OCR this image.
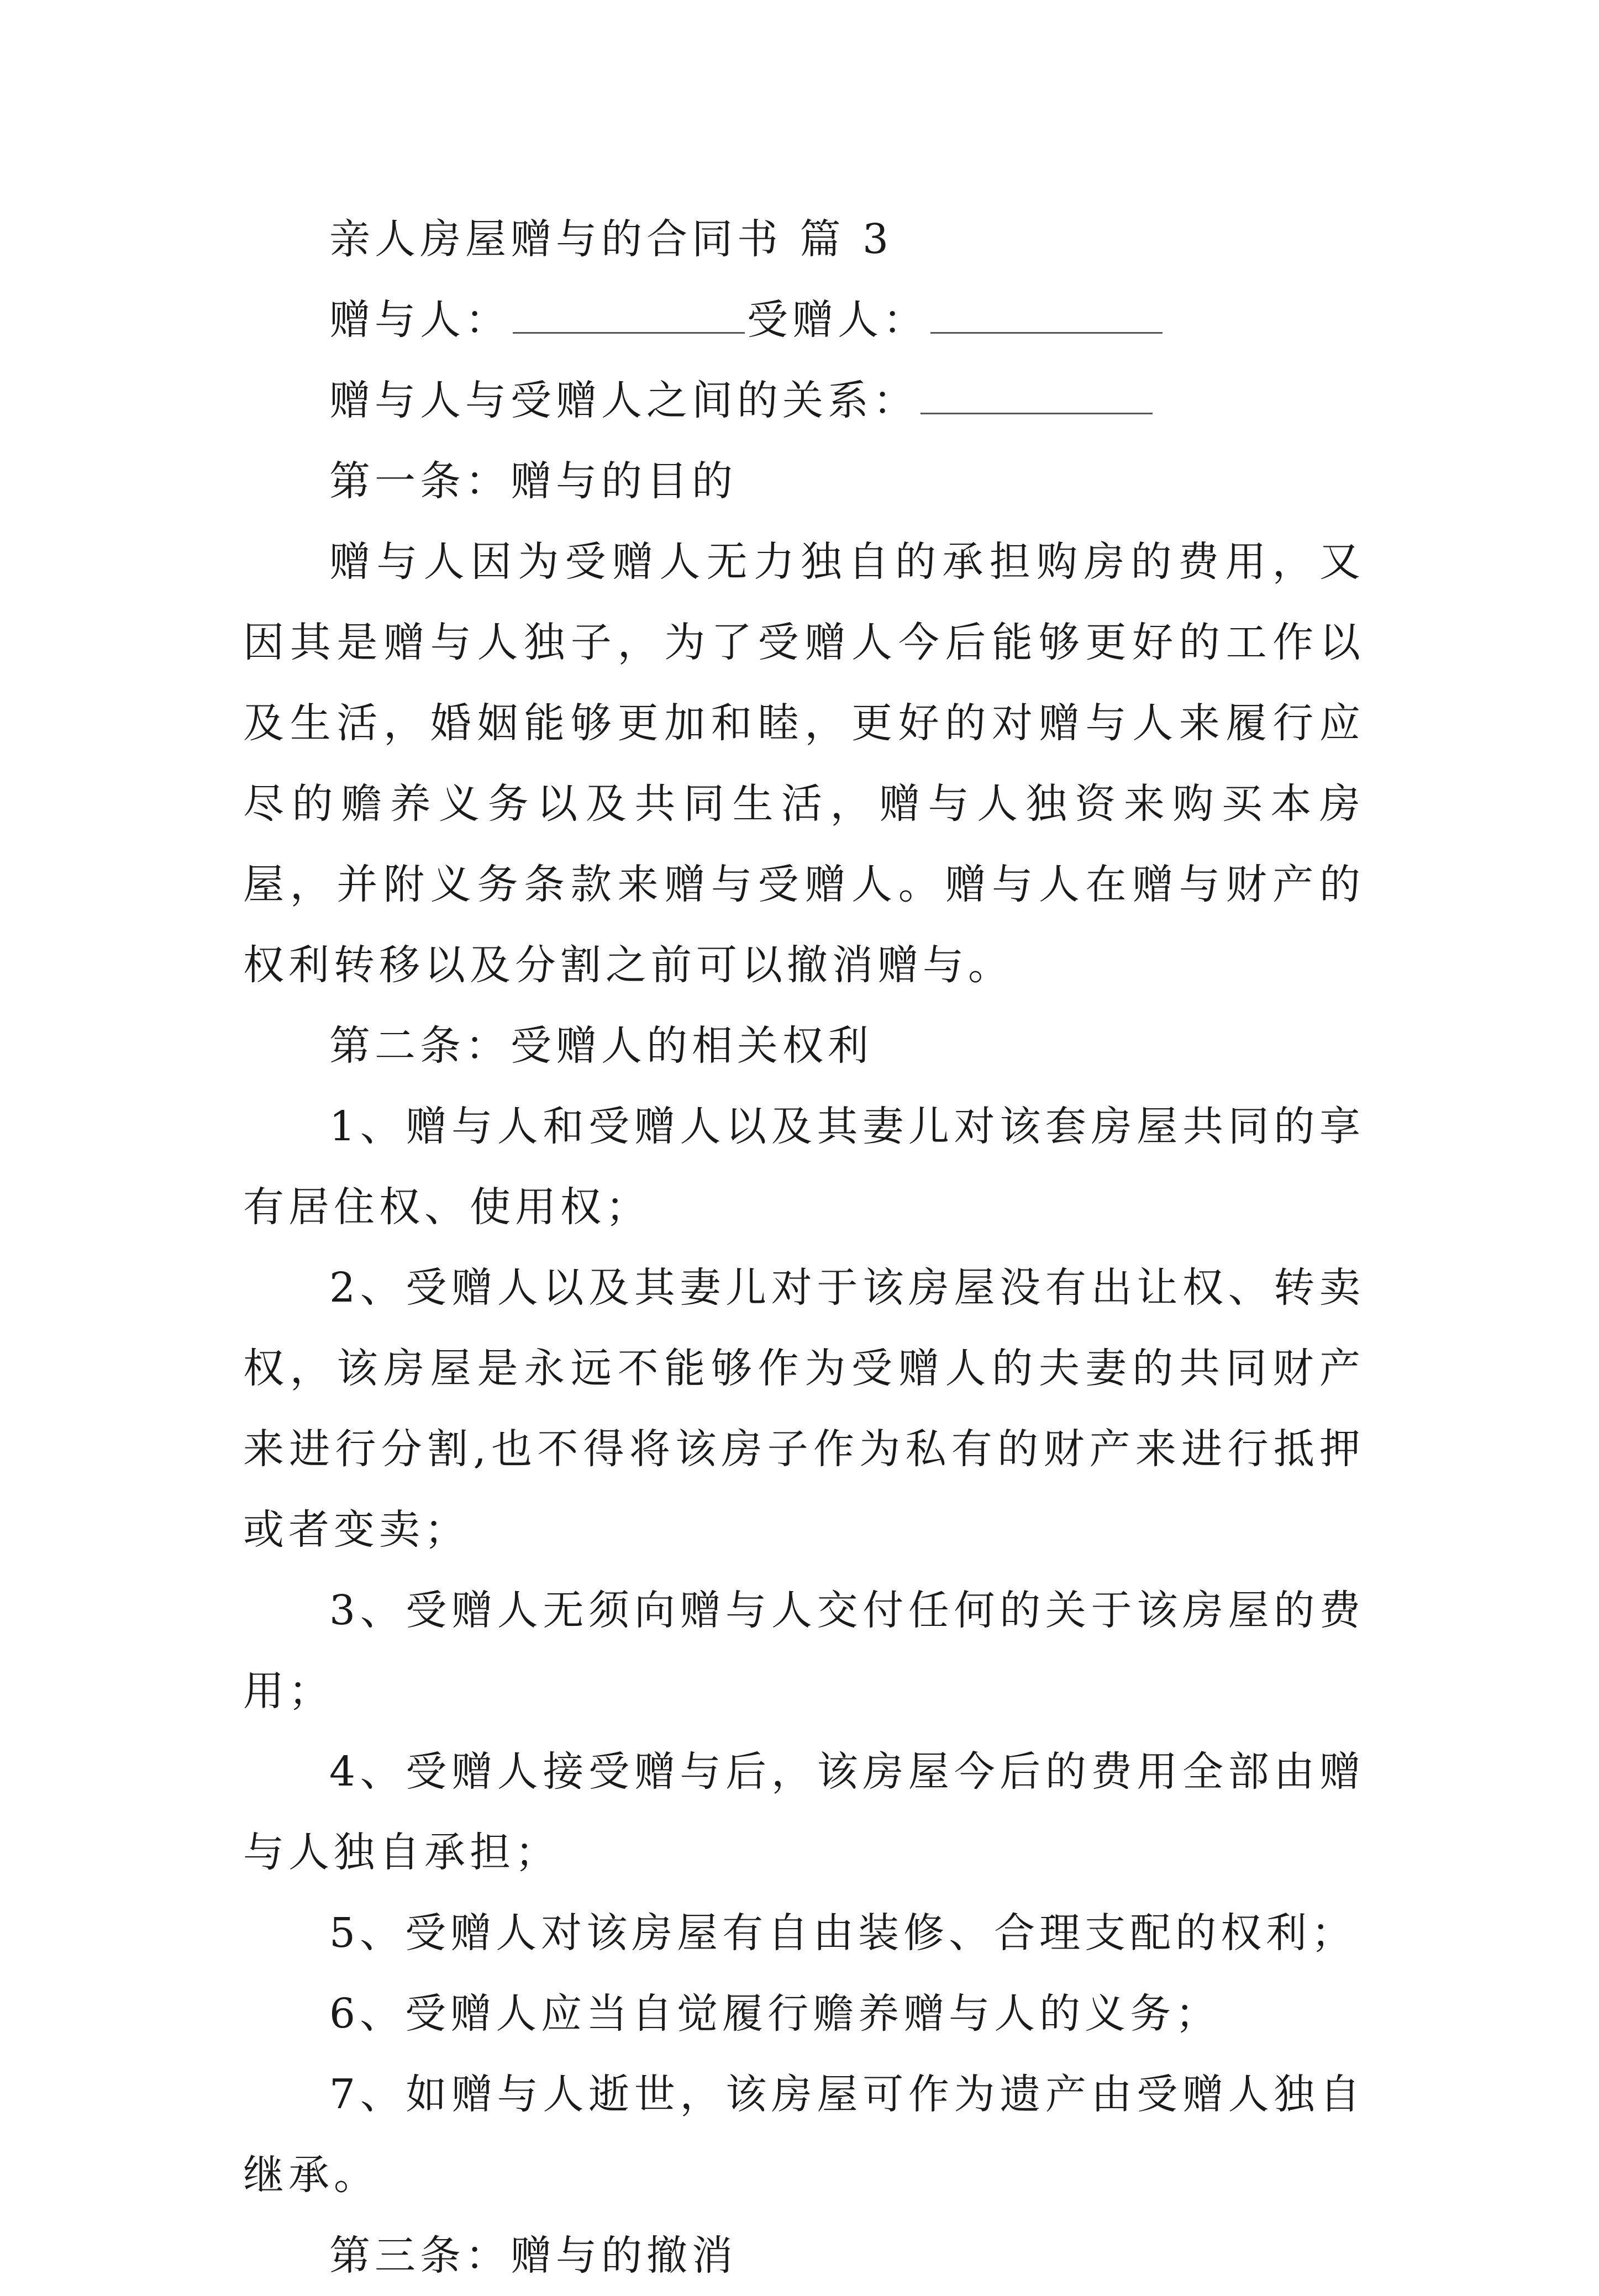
亲人房屋赠与的合同书 篇 3
赠与人：	受赠人：
赠与人与受赠人之间的关系：
第一条：赠与的目的
赠与人因为受赠人无力独自的承担购房的费用，又因其是赠与人独子，为了受赠人今后能够更好的工作以及生活，婚姻能够更加和睦，更好的对赠与人来履行应尽的赡养义务以及共同生活，赠与人独资来购买本房屋，并附义务条款来赠与受赠人。赠与人在赠与财产的权利转移以及分割之前可以撤消赠与。
第二条：受赠人的相关权利
1、赠与人和受赠人以及其妻儿对该套房屋共同的享有居住权、使用权；
2、受赠人以及其妻儿对于该房屋没有出让权、转卖权，该房屋是永远不能够作为受赠人的夫妻的共同财产来进行分割,也不得将该房子作为私有的财产来进行抵押或者变卖；
3、受赠人无须向赠与人交付任何的关于该房屋的费用；
4、受赠人接受赠与后，该房屋今后的费用全部由赠与人独自承担；
5、受赠人对该房屋有自由装修、合理支配的权利；
6、受赠人应当自觉履行赡养赠与人的义务；
7、如赠与人逝世，该房屋可作为遗产由受赠人独自继承。
第三条：赠与的撤消
